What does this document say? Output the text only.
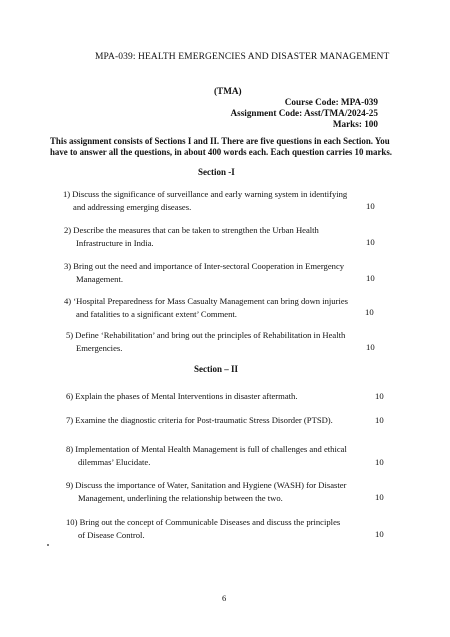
MPA-039: HEALTH EMERGENCIES AND DISASTER MANAGEMENT
(TMA)
Course Code: MPA-039
Assignment Code: Asst/TMA/2024-25
Marks: 100
This assignment consists of Sections I and II. There are five questions in each Section. You have to answer all the questions, in about 400 words each. Each question carries 10 marks.
Section -I
1) Discuss the significance of surveillance and early warning system in identifying
and addressing emerging diseases.	10
2) Describe the measures that can be taken to strengthen the Urban Health
Infrastructure in India.	10
3) Bring out the need and importance of Inter-sectoral Cooperation in Emergency
Management.	10
4) ‘Hospital Preparedness for Mass Casualty Management can bring down injuries
and fatalities to a significant extent’ Comment.	10
5) Define ‘Rehabilitation’ and bring out the principles of Rehabilitation in Health
Emergencies.	10
Section – II
6) Explain the phases of Mental Interventions in disaster aftermath.	10
7) Examine the diagnostic criteria for Post-traumatic Stress Disorder (PTSD).	10
8) Implementation of Mental Health Management is full of challenges and ethical
dilemmas’ Elucidate.	10
9) Discuss the importance of Water, Sanitation and Hygiene (WASH) for Disaster
Management, underlining the relationship between the two.	10
10) Bring out the concept of Communicable Diseases and discuss the principles
of Disease Control.	10
6
